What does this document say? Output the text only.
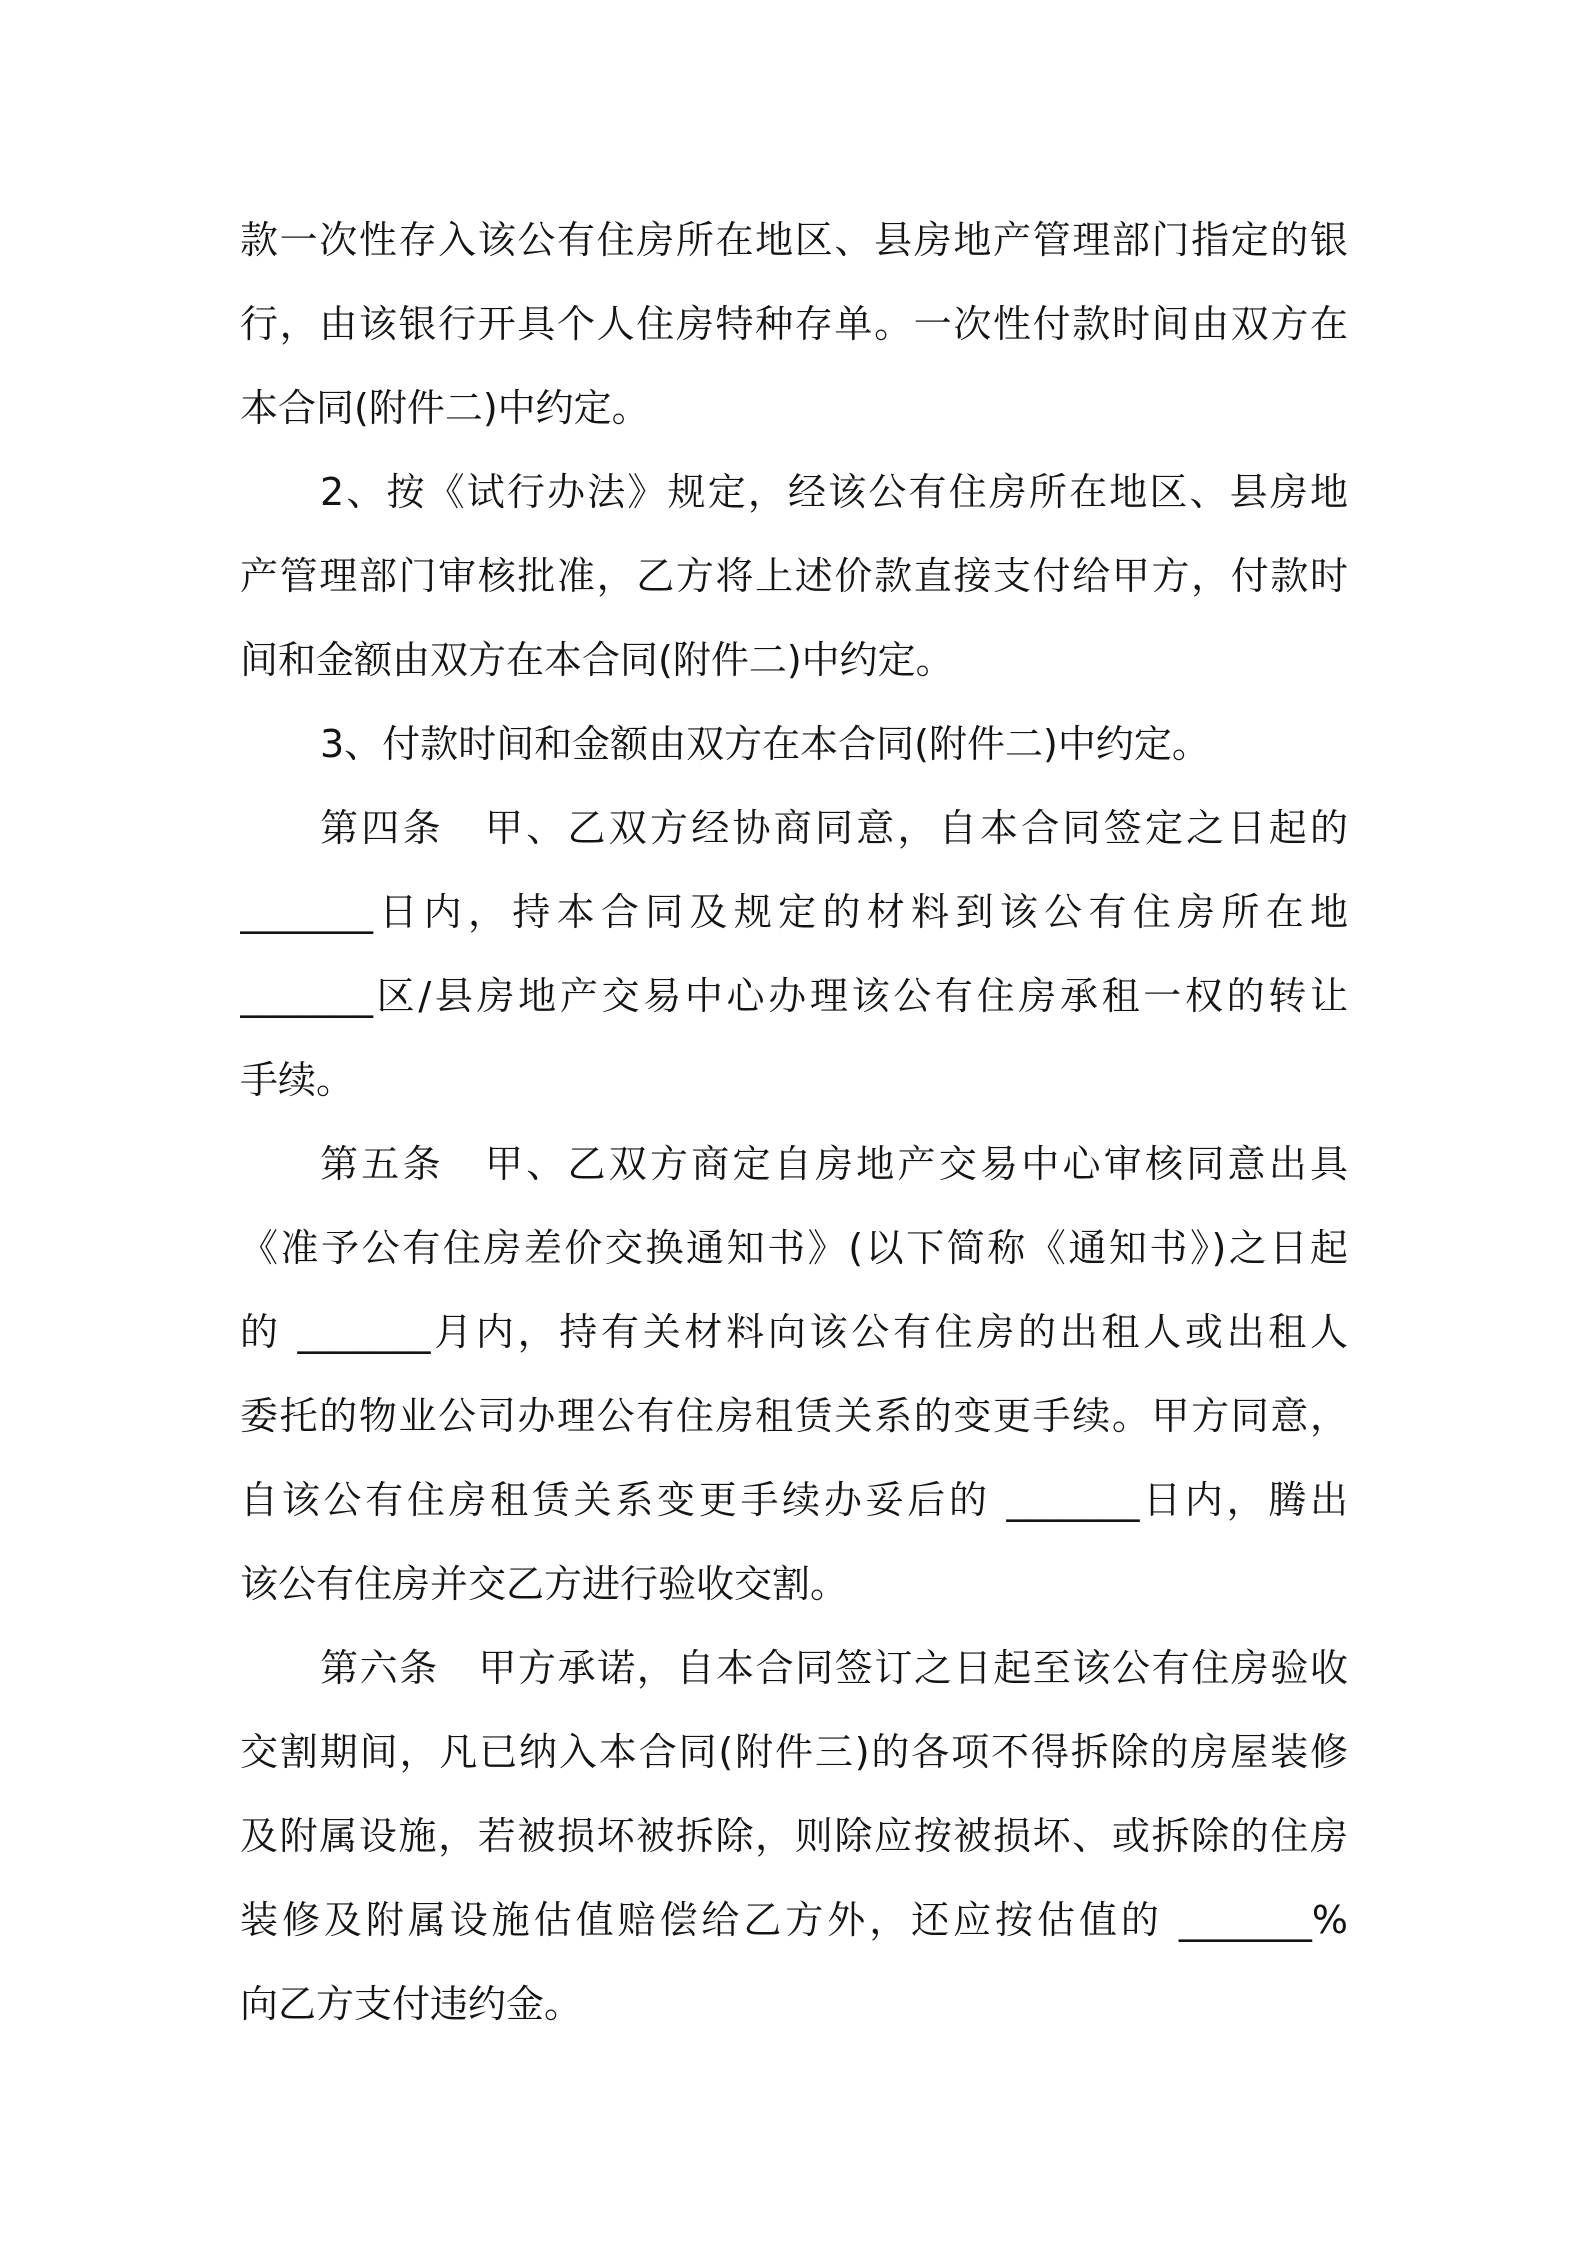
款一次性存入该公有住房所在地区、县房地产管理部门指定的银
行，由该银行开具个人住房特种存单。一次性付款时间由双方在
本合同(附件二)中约定。
2、按《试行办法》规定，经该公有住房所在地区、县房地
产管理部门审核批准，乙方将上述价款直接支付给甲方，付款时
间和金额由双方在本合同(附件二)中约定。
3、付款时间和金额由双方在本合同(附件二)中约定。
第四条　甲、乙双方经协商同意，自本合同签定之日起的
_______日内，持本合同及规定的材料到该公有住房所在地
_______区/县房地产交易中心办理该公有住房承租一权的转让
手续。
第五条　甲、乙双方商定自房地产交易中心审核同意出具
《准予公有住房差价交换通知书》(以下简称《通知书》)之日起
的 _______月内，持有关材料向该公有住房的出租人或出租人
委托的物业公司办理公有住房租赁关系的变更手续。甲方同意，
自该公有住房租赁关系变更手续办妥后的 _______日内，腾出
该公有住房并交乙方进行验收交割。
第六条　甲方承诺，自本合同签订之日起至该公有住房验收
交割期间，凡已纳入本合同(附件三)的各项不得拆除的房屋装修
及附属设施，若被损坏被拆除，则除应按被损坏、或拆除的住房
装修及附属设施估值赔偿给乙方外，还应按估值的 _______%
向乙方支付违约金。
